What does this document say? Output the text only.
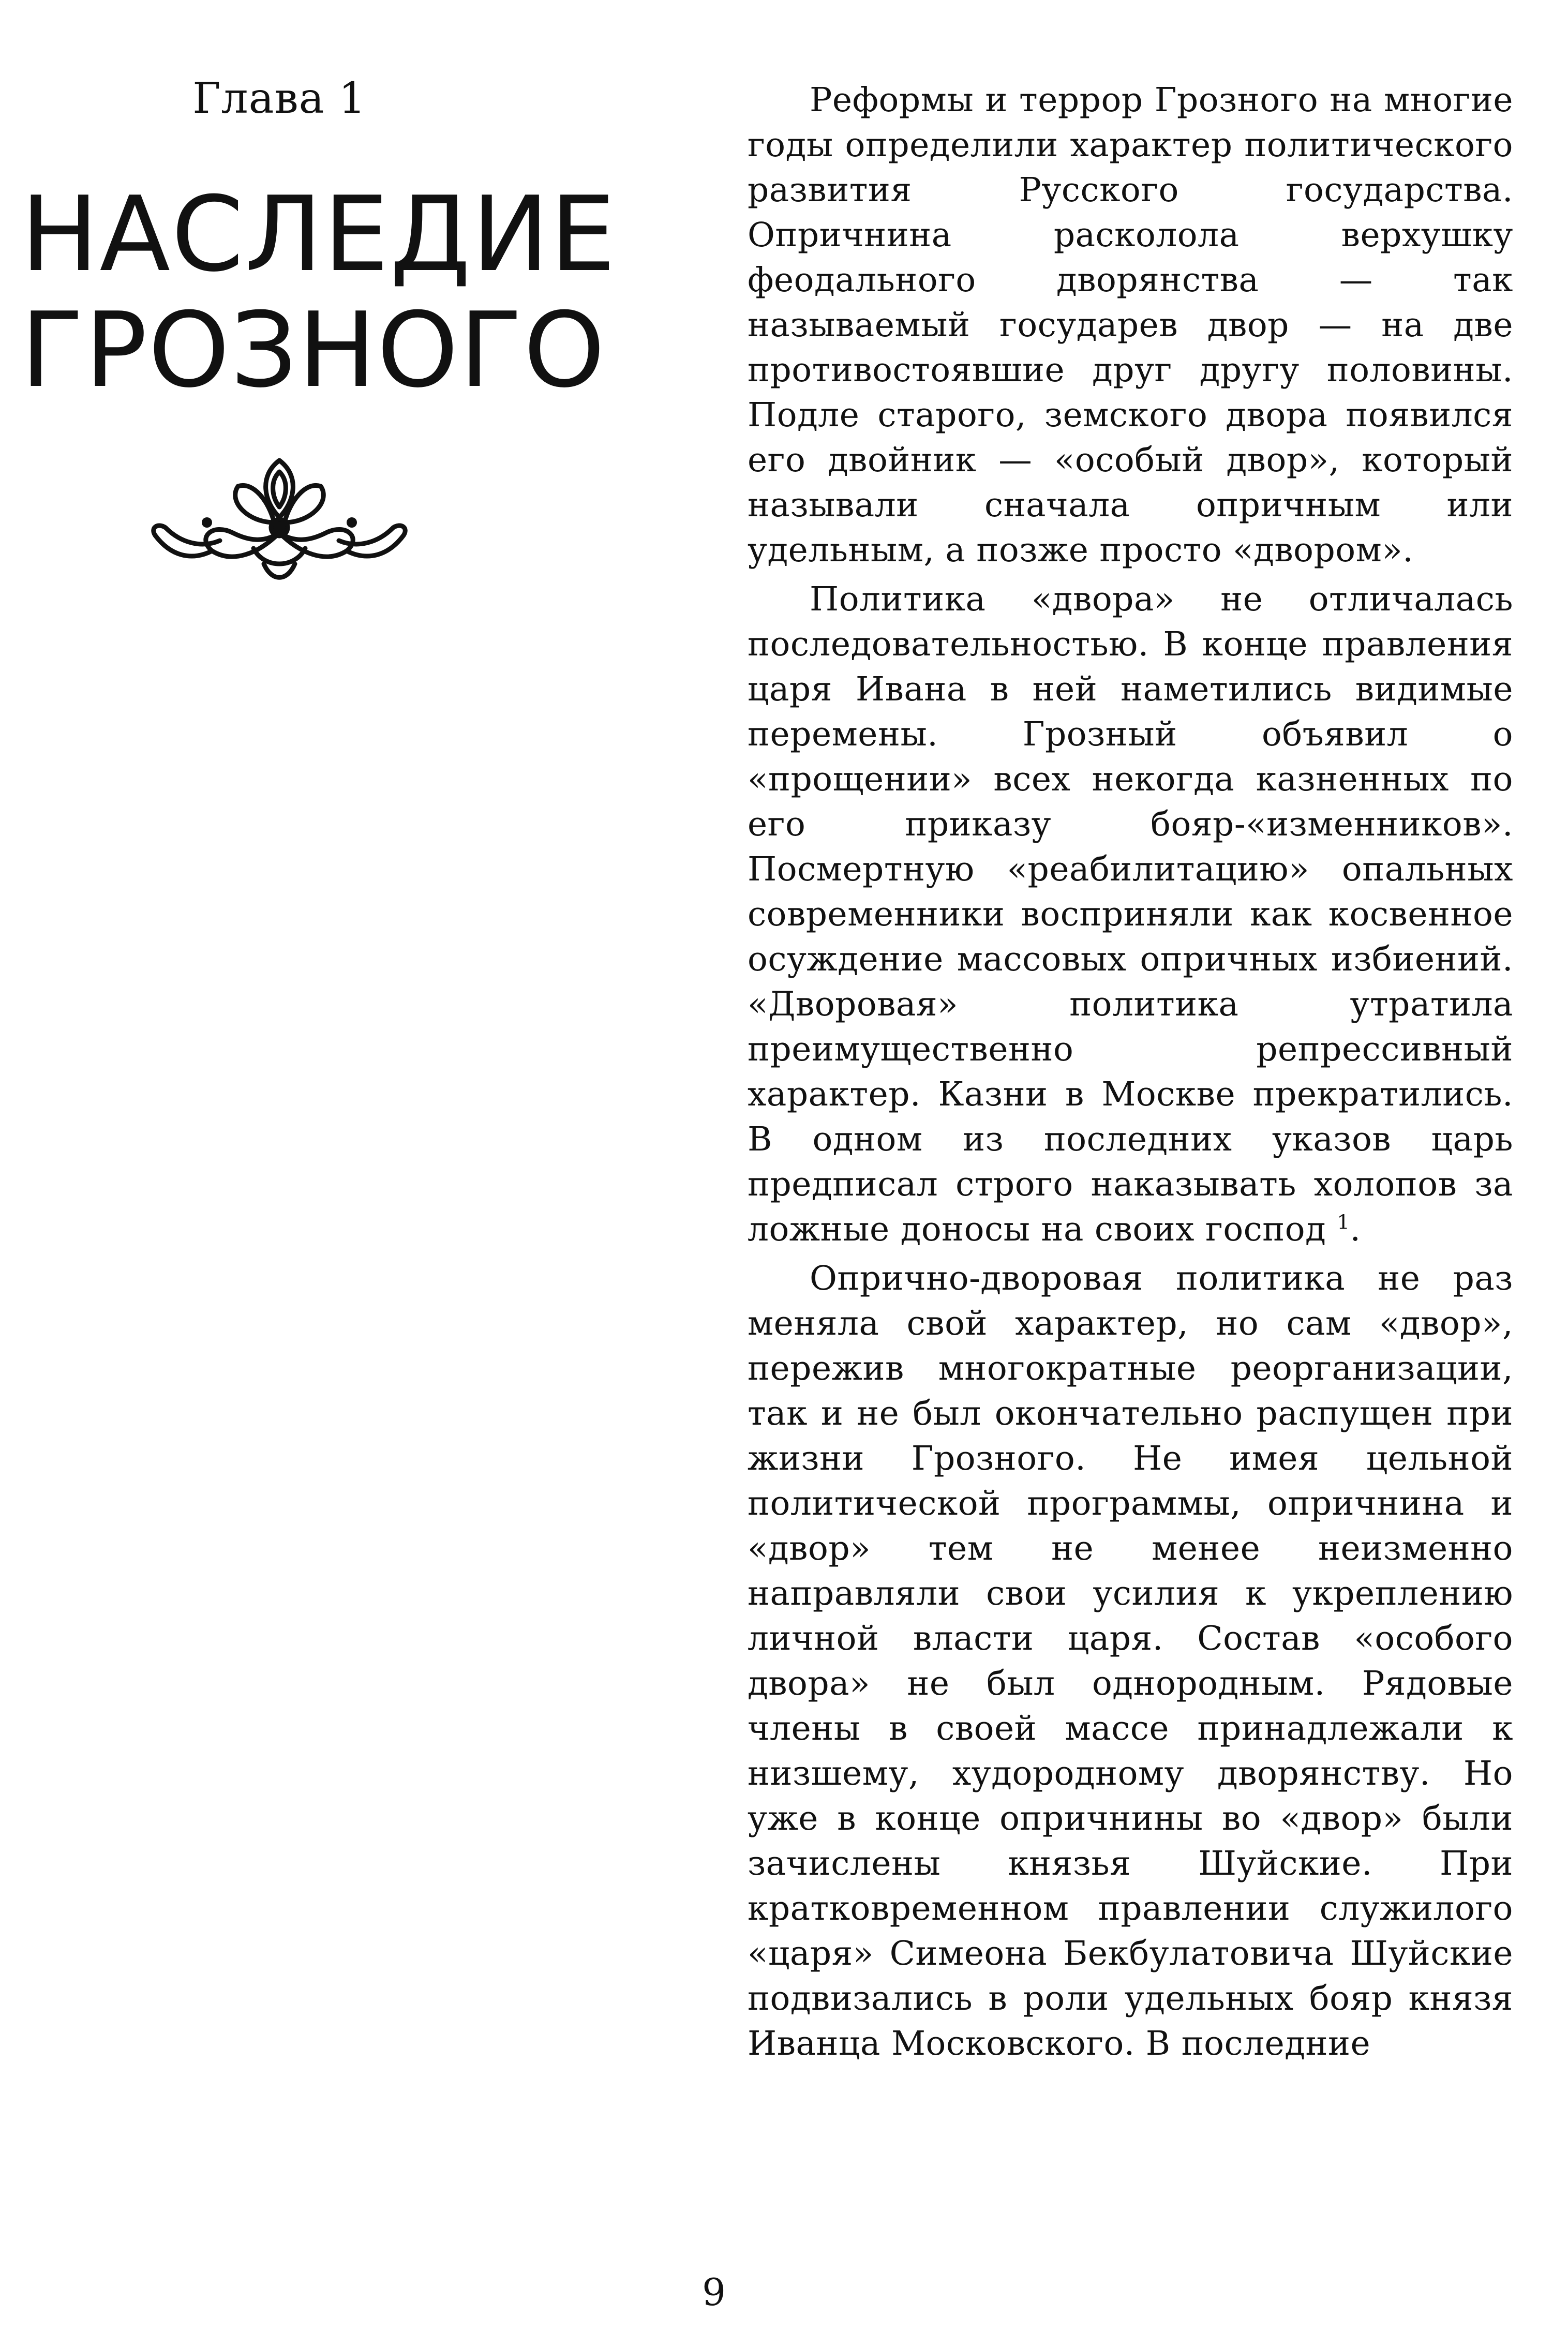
Глава 1
НАСЛЕДИЕ
ГРОЗНОГО

Реформы и террор Грозного на многие годы определили характер политического развития Русского государства. Опричнина расколола верхушку феодального дворянства — так называемый государев двор — на две противостоявшие друг другу половины. Подле старого, земского двора появился его двойник — «особый двор», который называли сначала опричным или удельным, а позже просто «двором».

Политика «двора» не отличалась последовательностью. В конце правления царя Ивана в ней наметились видимые перемены. Грозный объявил о «прощении» всех некогда казненных по его приказу бояр-«изменников». Посмертную «реабилитацию» опальных современники восприняли как косвенное осуждение массовых опричных избиений. «Дворовая» политика утратила преимущественно репрессивный характер. Казни в Москве прекратились. В одном из последних указов царь предписал строго наказывать холопов за ложные доносы на своих господ $^1$.

Опричнo-дворовая политика не раз меняла свой характер, но сам «двор», пережив многократные реорганизации, так и не был окончательно распущен при жизни Грозного. Не имея цельной политической программы, опричнина и «двор» тем не менее неизменно направляли свои усилия к укреплению личной власти царя. Состав «особого двора» не был однородным. Рядовые члены в своей массе принадлежали к низшему, худородному дворянству. Но уже в конце опричнины во «двор» были зачислены князья Шуйские. При кратковременном правлении служилого «царя» Симеона Бекбулатовича Шуйские подвизались в роли удельных бояр князя Иванца Московского. В последние

9
